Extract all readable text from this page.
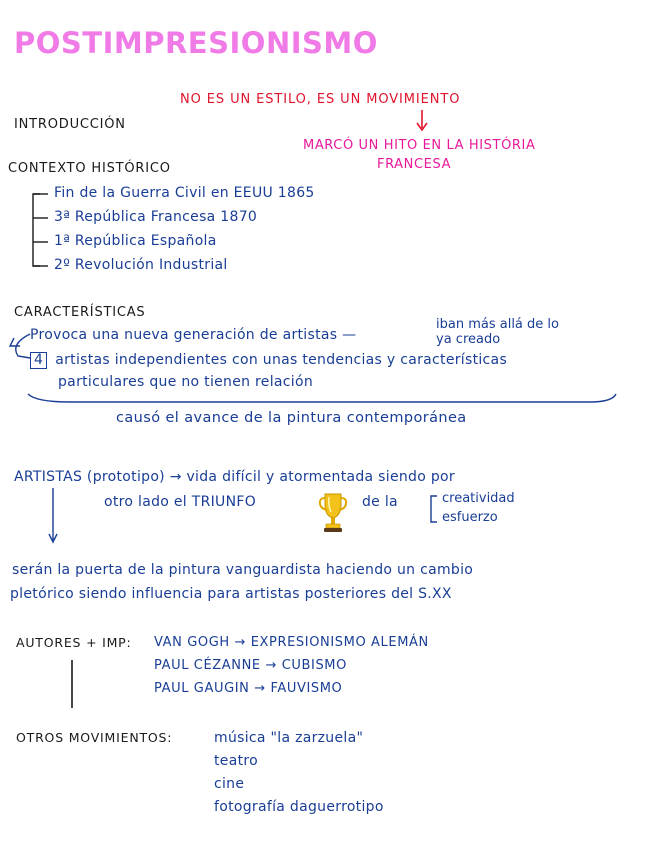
POSTIMPRESIONISMO
NO ES UN ESTILO, ES UN MOVIMIENTO
INTRODUCCIÓN
MARCÓ UN HITO EN LA HISTÓRIA
FRANCESA
CONTEXTO HISTÓRICO
Fin de la Guerra Civil en EEUU 1865
3ª República Francesa 1870
1ª República Española
2º Revolución Industrial
CARACTERÍSTICAS
Provoca una nueva generación de artistas —
iban más allá de lo
ya creado
4 artistas independientes con unas tendencias y características
particulares que no tienen relación
causó el avance de la pintura contemporánea
ARTISTAS (prototipo) → vida difícil y atormentada siendo por
otro lado el TRIUNFO	de la	creatividad
esfuerzo
serán la puerta de la pintura vanguardista haciendo un cambio
pletórico siendo influencia para artistas posteriores del S.XX
AUTORES + IMP: VAN GOGH → EXPRESIONISMO ALEMÁN
PAUL CÉZANNE → CUBISMO
PAUL GAUGIN → FAUVISMO
OTROS MOVIMIENTOS:	música "la zarzuela"
teatro
cine
fotografía daguerrotipo
